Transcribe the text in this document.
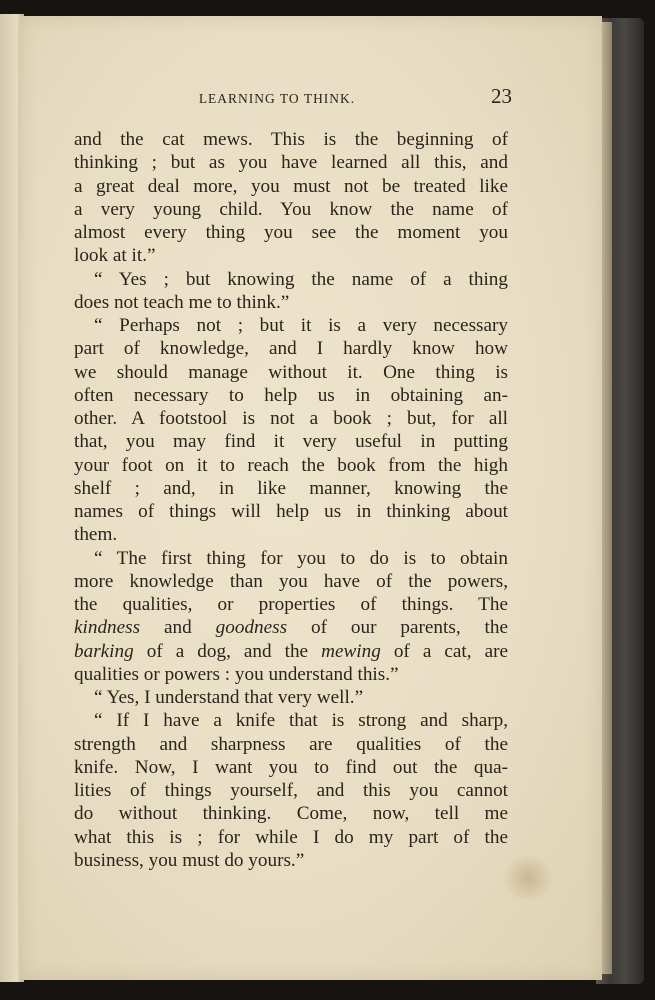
LEARNING TO THINK.	23
and the cat mews. This is the beginning of
thinking ; but as you have learned all this, and
a great deal more, you must not be treated like
a very young child. You know the name of
almost every thing you see the moment you
look at it.”
“ Yes ; but knowing the name of a thing
does not teach me to think.”
“ Perhaps not ; but it is a very necessary
part of knowledge, and I hardly know how
we should manage without it. One thing is
often necessary to help us in obtaining an-
other. A footstool is not a book ; but, for all
that, you may find it very useful in putting
your foot on it to reach the book from the high
shelf ; and, in like manner, knowing the
names of things will help us in thinking about
them.
“ The first thing for you to do is to obtain
more knowledge than you have of the powers,
the qualities, or properties of things. The
kindness and goodness of our parents, the
barking of a dog, and the mewing of a cat, are
qualities or powers : you understand this.”
“ Yes, I understand that very well.”
“ If I have a knife that is strong and sharp,
strength and sharpness are qualities of the
knife. Now, I want you to find out the qua-
lities of things yourself, and this you cannot
do without thinking. Come, now, tell me
what this is ; for while I do my part of the
business, you must do yours.”
